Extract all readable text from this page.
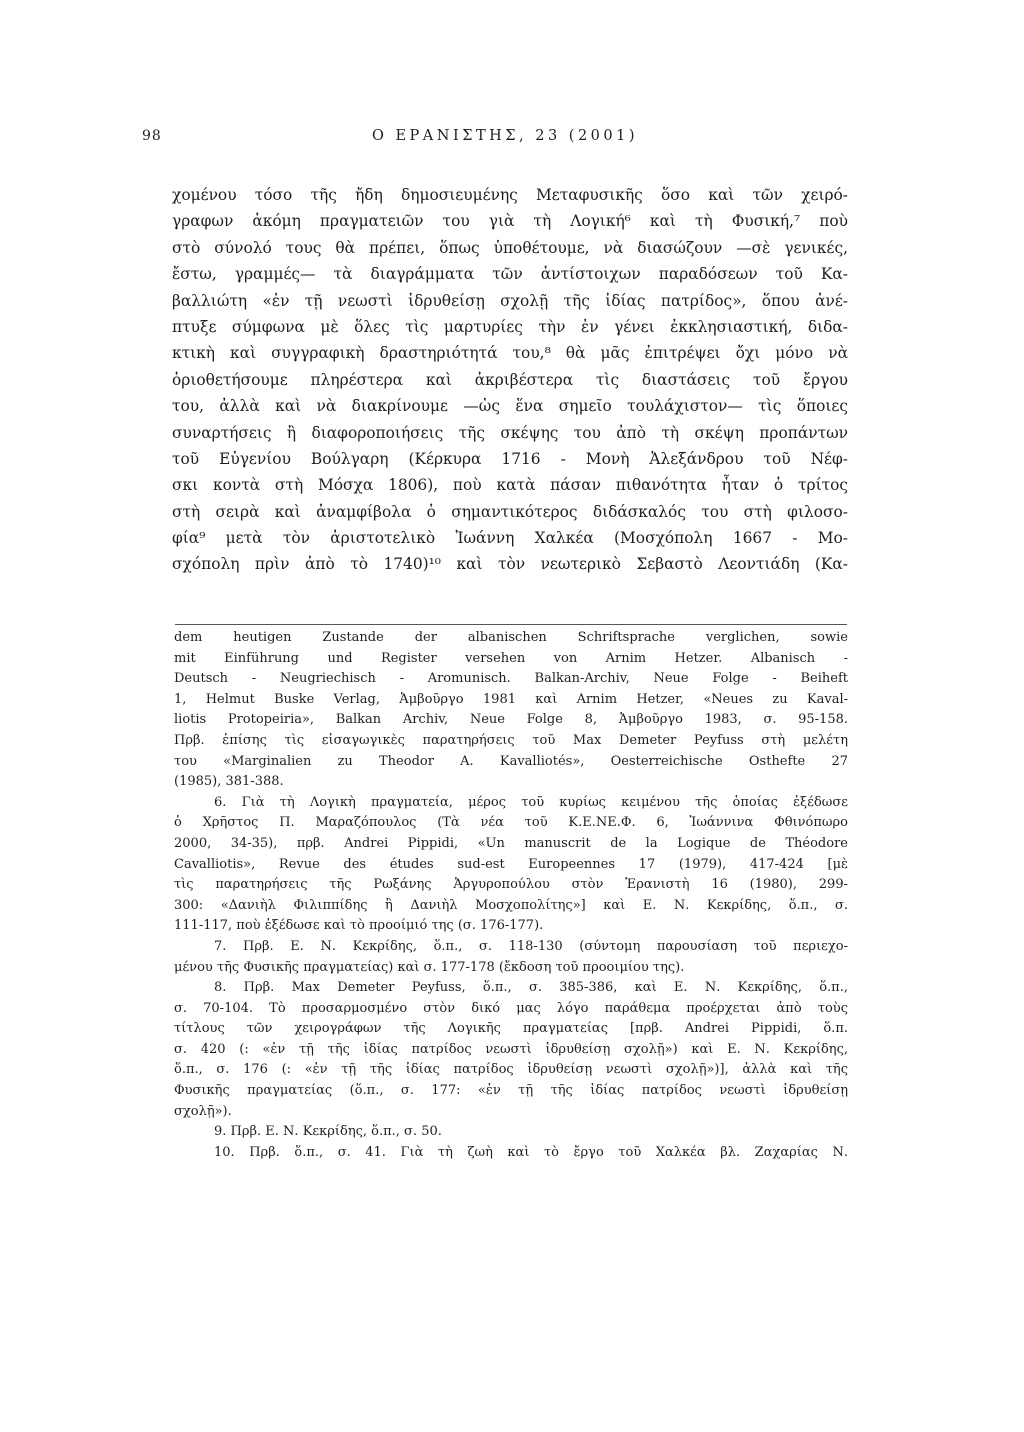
98	Ο ΕΡΑΝΙΣΤΗΣ, 23 (2001)
χομένου τόσο τῆς ἤδη δημοσιευμένης Μεταφυσικῆς ὅσο καὶ τῶν χειρό-
γραφων ἀκόμη πραγματειῶν του γιὰ τὴ Λογική⁶ καὶ τὴ Φυσική,⁷ ποὺ
στὸ σύνολό τους θὰ πρέπει, ὅπως ὑποθέτουμε, νὰ διασώζουν —σὲ γενικές,
ἔστω, γραμμές— τὰ διαγράμματα τῶν ἀντίστοιχων παραδόσεων τοῦ Κα-
βαλλιώτη «ἐν τῇ νεωστὶ ἱδρυθείσῃ σχολῇ τῆς ἰδίας πατρίδος», ὅπου ἀνέ-
πτυξε σύμφωνα μὲ ὅλες τὶς μαρτυρίες τὴν ἐν γένει ἐκκλησιαστική, διδα-
κτικὴ καὶ συγγραφικὴ δραστηριότητά του,⁸ θὰ μᾶς ἐπιτρέψει ὄχι μόνο νὰ
ὁριοθετήσουμε πληρέστερα καὶ ἀκριβέστερα τὶς διαστάσεις τοῦ ἔργου
του, ἀλλὰ καὶ νὰ διακρίνουμε —ὡς ἕνα σημεῖο τουλάχιστον— τὶς ὅποιες
συναρτήσεις ἢ διαφοροποιήσεις τῆς σκέψης του ἀπὸ τὴ σκέψη προπάντων
τοῦ Εὐγενίου Βούλγαρη (Κέρκυρα 1716 - Μονὴ Ἀλεξάνδρου τοῦ Νέφ-
σκι κοντὰ στὴ Μόσχα 1806), ποὺ κατὰ πάσαν πιθανότητα ἦταν ὁ τρίτος
στὴ σειρὰ καὶ ἀναμφίβολα ὁ σημαντικότερος διδάσκαλός του στὴ φιλοσο-
φία⁹ μετὰ τὸν ἀριστοτελικὸ Ἰωάννη Χαλκέα (Μοσχόπολη 1667 - Μο-
σχόπολη πρὶν ἀπὸ τὸ 1740)¹⁰ καὶ τὸν νεωτερικὸ Σεβαστὸ Λεοντιάδη (Κα-
dem heutigen Zustande der albanischen Schriftsprache verglichen, sowie
mit Einführung und Register versehen von Arnim Hetzer. Albanisch -
Deutsch - Neugriechisch - Aromunisch. Balkan-Archiv, Neue Folge - Beiheft
1, Helmut Buske Verlag, Ἀμβοῦργο 1981 καὶ Arnim Hetzer, «Neues zu Kaval-
liotis Protopeiria», Balkan Archiv, Neue Folge 8, Ἀμβοῦργο 1983, σ. 95-158.
Πρβ. ἐπίσης τὶς εἰσαγωγικὲς παρατηρήσεις τοῦ Max Demeter Peyfuss στὴ μελέτη
του «Marginalien zu Theodor A. Kavalliotés», Oesterreichische Osthefte 27
(1985), 381-388.
6. Γιὰ τὴ Λογικὴ πραγματεία, μέρος τοῦ κυρίως κειμένου τῆς ὁποίας ἐξέδωσε
ὁ Χρῆστος Π. Μαραζόπουλος (Τὰ νέα τοῦ Κ.Ε.ΝΕ.Φ. 6, Ἰωάννινα Φθινόπωρο
2000, 34-35), πρβ. Andrei Pippidi, «Un manuscrit de la Logique de Théodore
Cavalliotis», Revue des études sud-est Europeennes 17 (1979), 417-424 [μὲ
τὶς παρατηρήσεις τῆς Ρωξάνης Ἀργυροπούλου στὸν Ἐρανιστὴ 16 (1980), 299-
300: «Δανιὴλ Φιλιππίδης ἢ Δανιὴλ Μοσχοπολίτης»] καὶ Ε. Ν. Κεκρίδης, ὅ.π., σ.
111-117, ποὺ ἐξέδωσε καὶ τὸ προοίμιό της (σ. 176-177).
7. Πρβ. Ε. Ν. Κεκρίδης, ὅ.π., σ. 118-130 (σύντομη παρουσίαση τοῦ περιεχο-
μένου τῆς Φυσικῆς πραγματείας) καὶ σ. 177-178 (ἔκδοση τοῦ προοιμίου της).
8. Πρβ. Max Demeter Peyfuss, ὅ.π., σ. 385-386, καὶ Ε. Ν. Κεκρίδης, ὅ.π.,
σ. 70-104. Τὸ προσαρμοσμένο στὸν δικό μας λόγο παράθεμα προέρχεται ἀπὸ τοὺς
τίτλους τῶν χειρογράφων τῆς Λογικῆς πραγματείας [πρβ. Andrei Pippidi, ὅ.π.
σ. 420 (: «ἐν τῇ τῆς ἰδίας πατρίδος νεωστὶ ἱδρυθείσῃ σχολῇ») καὶ Ε. Ν. Κεκρίδης,
ὅ.π., σ. 176 (: «ἐν τῇ τῆς ἰδίας πατρίδος ἱδρυθείσῃ νεωστὶ σχολῇ»)], ἀλλὰ καὶ τῆς
Φυσικῆς πραγματείας (ὅ.π., σ. 177: «ἐν τῇ τῆς ἰδίας πατρίδος νεωστὶ ἱδρυθείσῃ
σχολῇ»).
9. Πρβ. Ε. Ν. Κεκρίδης, ὅ.π., σ. 50.
10. Πρβ. ὅ.π., σ. 41. Γιὰ τὴ ζωὴ καὶ τὸ ἔργο τοῦ Χαλκέα βλ. Ζαχαρίας Ν.
